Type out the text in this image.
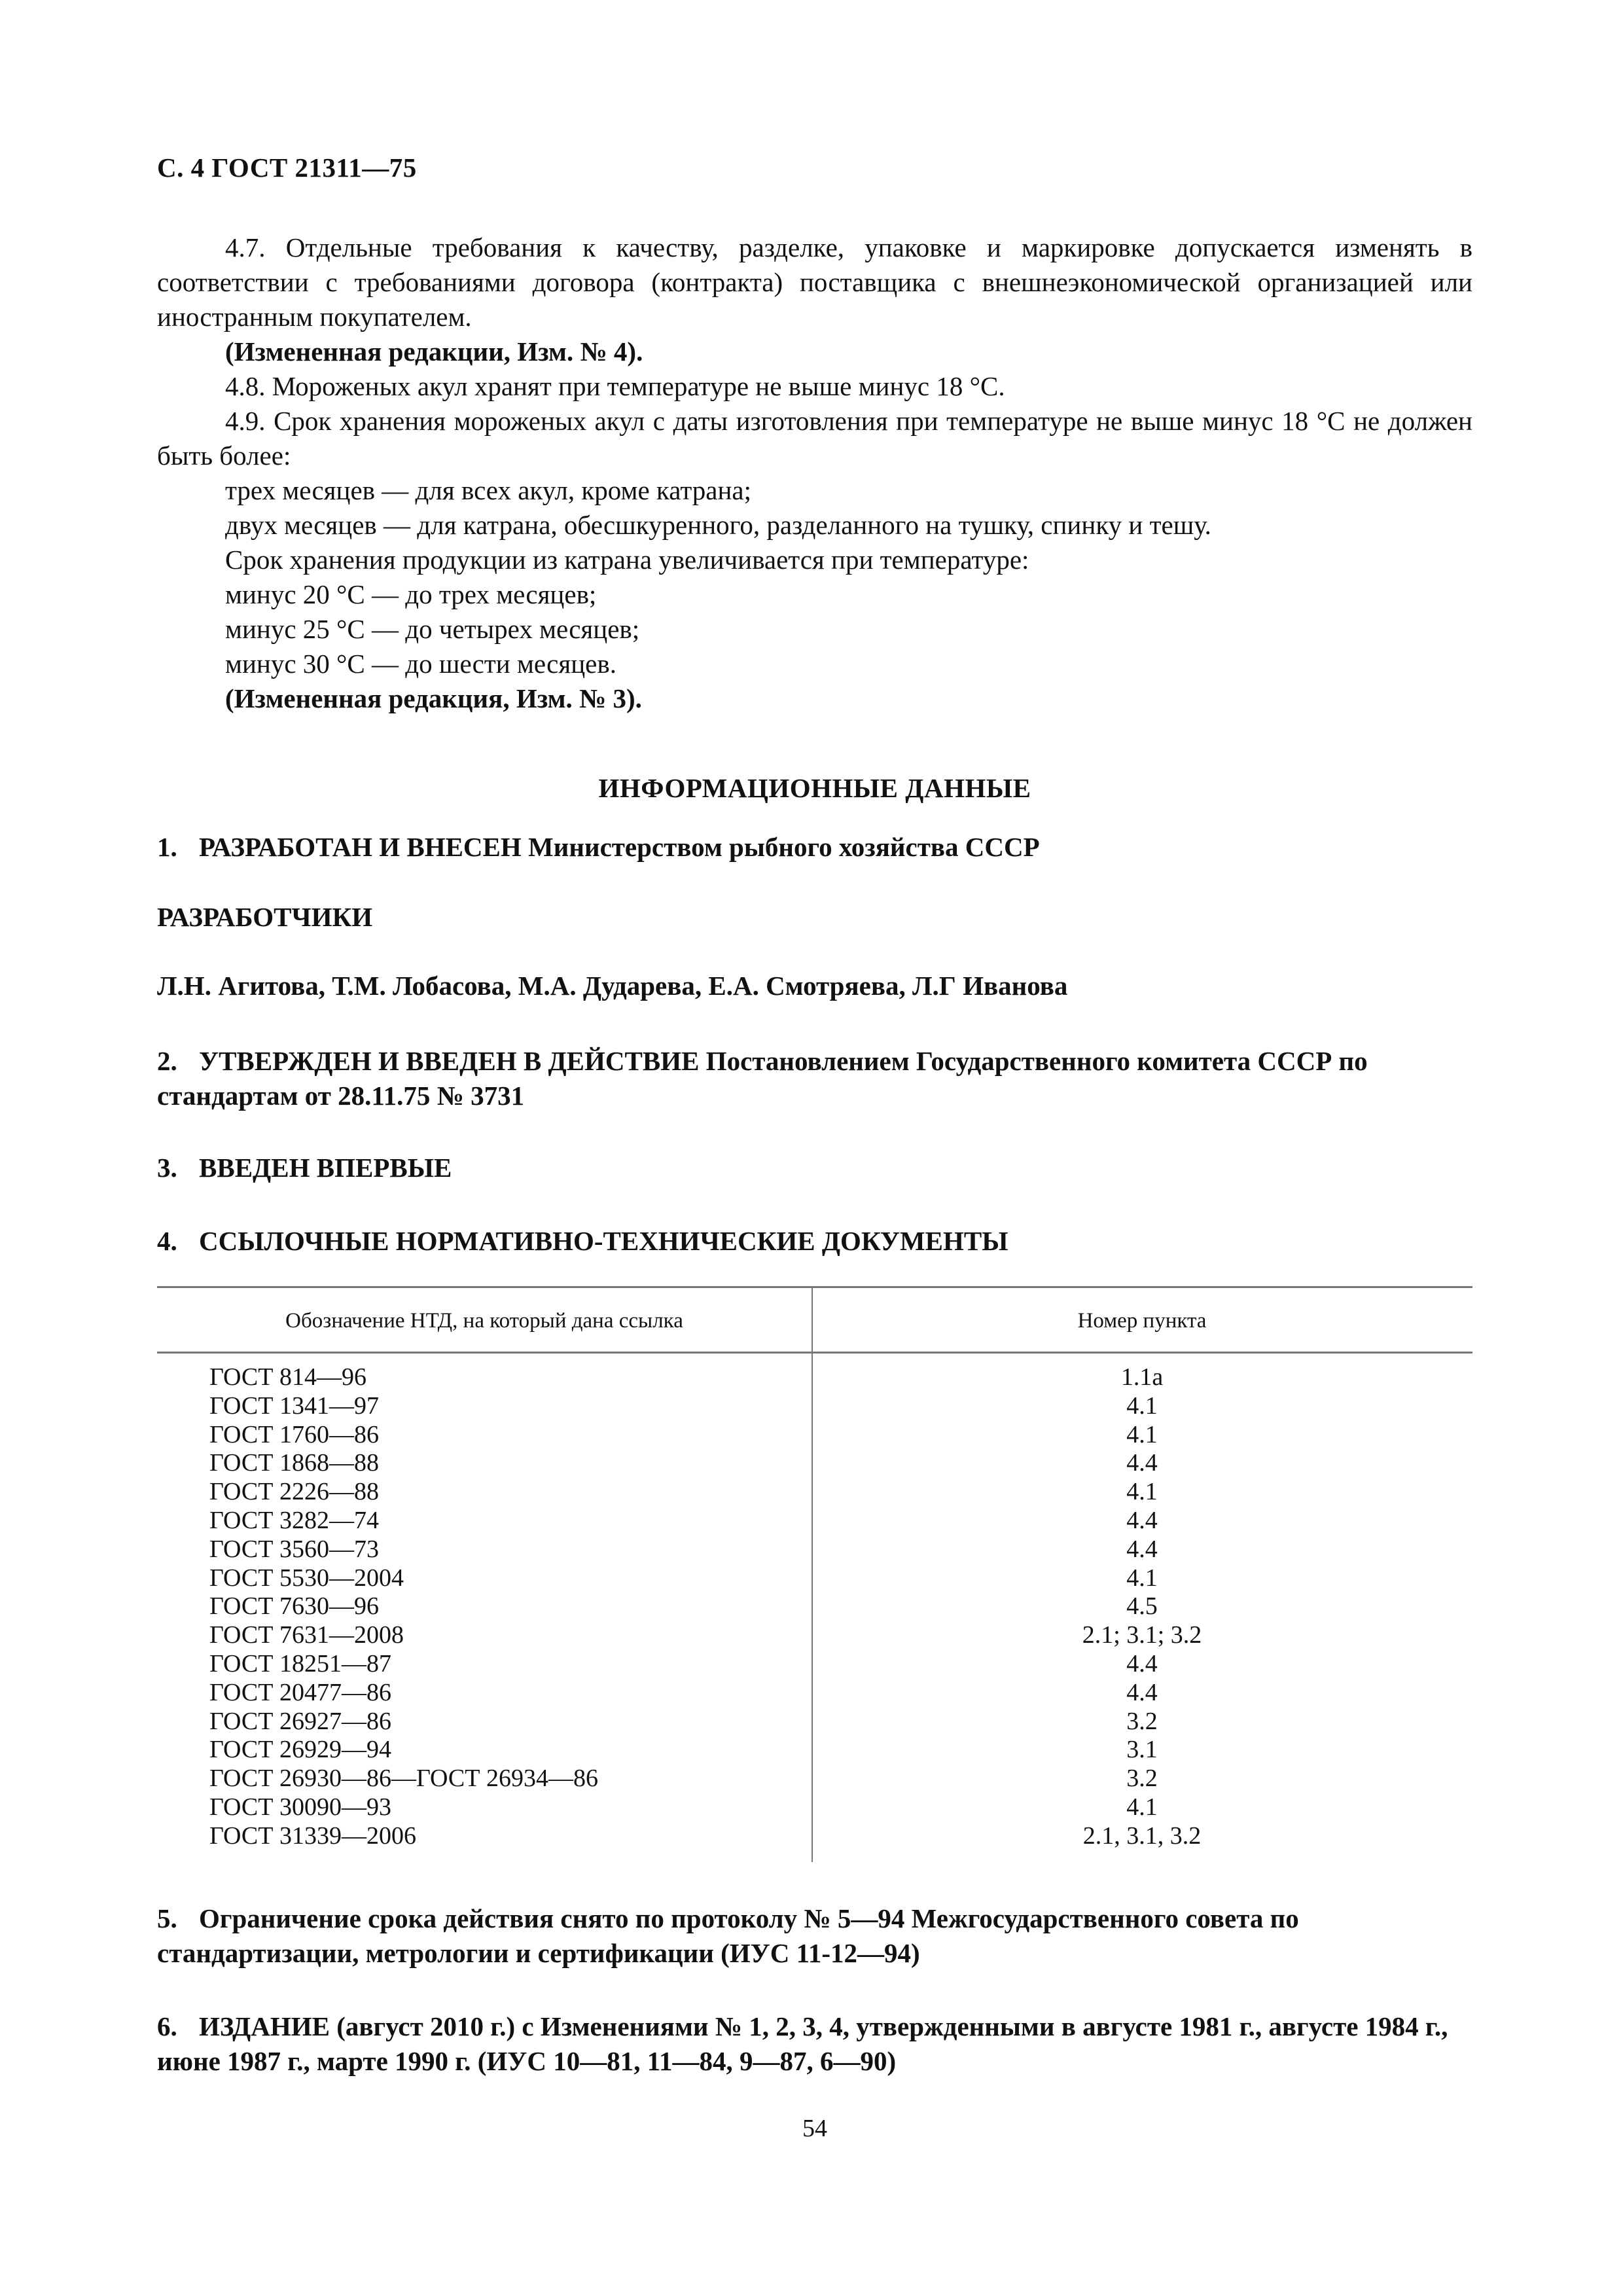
С. 4 ГОСТ 21311—75

4.7. Отдельные требования к качеству, разделке, упаковке и маркировке допускается изменять в соответствии с требованиями договора (контракта) поставщика с внешнеэкономической организацией или иностранным покупателем.

(Измененная редакции, Изм. № 4).

4.8. Мороженых акул хранят при температуре не выше минус 18 °С.

4.9. Срок хранения мороженых акул с даты изготовления при температуре не выше минус 18 °С не должен быть более:

трех месяцев — для всех акул, кроме катрана;

двух месяцев — для катрана, обесшкуренного, разделанного на тушку, спинку и тешу.

Срок хранения продукции из катрана увеличивается при температуре:

минус 20 °С — до трех месяцев;

минус 25 °С — до четырех месяцев;

минус 30 °С — до шести месяцев.

(Измененная редакция, Изм. № 3).

ИНФОРМАЦИОННЫЕ ДАННЫЕ
1. РАЗРАБОТАН И ВНЕСЕН Министерством рыбного хозяйства СССР
РАЗРАБОТЧИКИ
Л.Н. Агитова, Т.М. Лобасова, М.А. Дударева, Е.А. Смотряева, Л.Г Иванова
2. УТВЕРЖДЕН И ВВЕДЕН В ДЕЙСТВИЕ Постановлением Государственного комитета СССР по стандартам от 28.11.75 № 3731
3. ВВЕДЕН ВПЕРВЫЕ
4. ССЫЛОЧНЫЕ НОРМАТИВНО-ТЕХНИЧЕСКИЕ ДОКУМЕНТЫ
Обозначение НТД, на который дана ссылка	Номер пункта
ГОСТ 814—96	1.1а
ГОСТ 1341—97	4.1
ГОСТ 1760—86	4.1
ГОСТ 1868—88	4.4
ГОСТ 2226—88	4.1
ГОСТ 3282—74	4.4
ГОСТ 3560—73	4.4
ГОСТ 5530—2004	4.1
ГОСТ 7630—96	4.5
ГОСТ 7631—2008	2.1; 3.1; 3.2
ГОСТ 18251—87	4.4
ГОСТ 20477—86	4.4
ГОСТ 26927—86	3.2
ГОСТ 26929—94	3.1
ГОСТ 26930—86—ГОСТ 26934—86	3.2
ГОСТ 30090—93	4.1
ГОСТ 31339—2006	2.1, 3.1, 3.2
5. Ограничение срока действия снято по протоколу № 5—94 Межгосударственного совета по стандартизации, метрологии и сертификации (ИУС 11-12—94)
6. ИЗДАНИЕ (август 2010 г.) с Изменениями № 1, 2, 3, 4, утвержденными в августе 1981 г., августе 1984 г., июне 1987 г., марте 1990 г. (ИУС 10—81, 11—84, 9—87, 6—90)
54
